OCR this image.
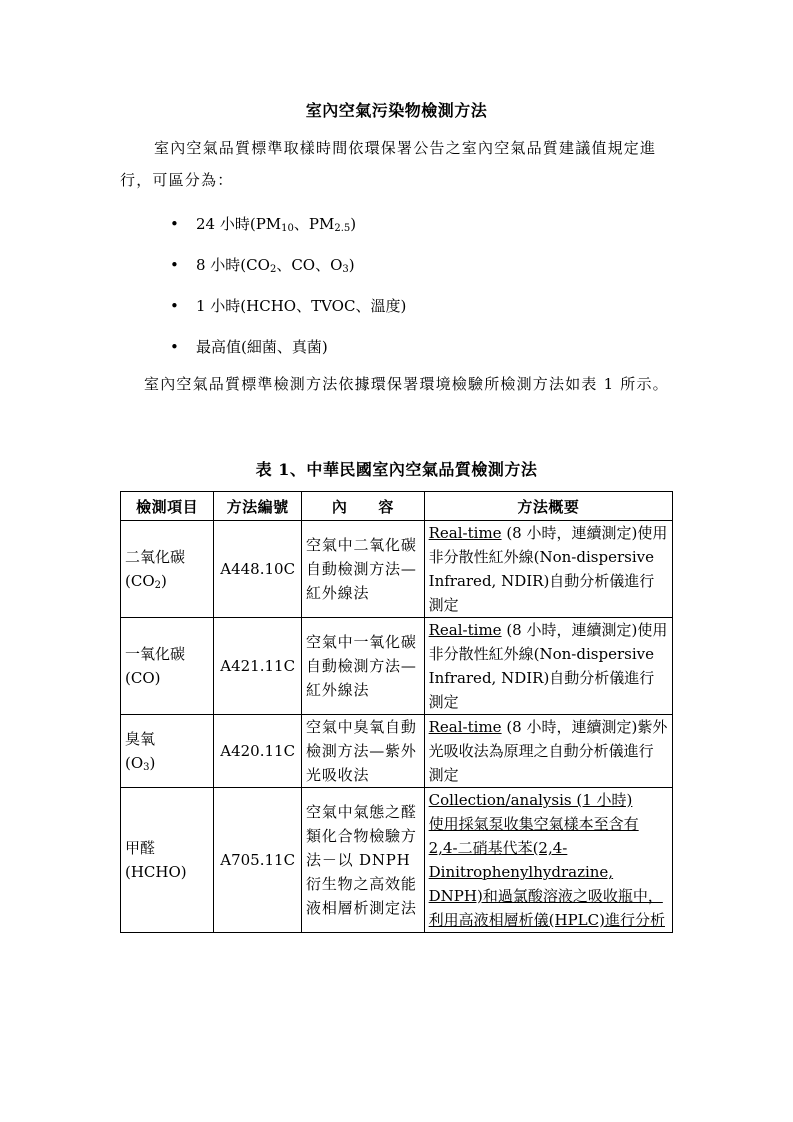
室內空氣污染物檢測方法
室內空氣品質標準取樣時間依環保署公告之室內空氣品質建議值規定進行，可區分為：
• 24 小時($PM_{10}$、$PM_{2.5}$)
• 8 小時($CO_2$、CO、$O_3$)
• 1 小時(HCHO、TVOC、溫度)
• 最高值(細菌、真菌)
室內空氣品質標準檢測方法依據環保署環境檢驗所檢測方法如表 1 所示。
表 1、中華民國室內空氣品質檢測方法
檢測項目	方法編號	內　　容	方法概要

二氧化碳
$(CO_2)$	A448.10C	空氣中二氧化碳自動檢測方法—紅外線法	Real-time (8 小時，連續測定)使用非分散性紅外線(Non-dispersive Infrared, NDIR)自動分析儀進行測定

一氧化碳
(CO)	A421.11C	空氣中一氧化碳自動檢測方法—紅外線法	Real-time (8 小時，連續測定)使用非分散性紅外線(Non-dispersive Infrared, NDIR)自動分析儀進行測定

臭氧
$(O_3)$	A420.11C	空氣中臭氧自動檢測方法—紫外光吸收法	Real-time (8 小時，連續測定)紫外光吸收法為原理之自動分析儀進行測定

甲醛
(HCHO)	A705.11C	空氣中氣態之醛類化合物檢驗方法－以 DNPH 衍生物之高效能液相層析測定法	Collection/analysis (1 小時)
使用採氣泵收集空氣樣本至含有 2,4-二硝基代苯(2,4-Dinitrophenylhydrazine, DNPH)和過氯酸溶液之吸收瓶中，利用高液相層析儀(HPLC)進行分析
